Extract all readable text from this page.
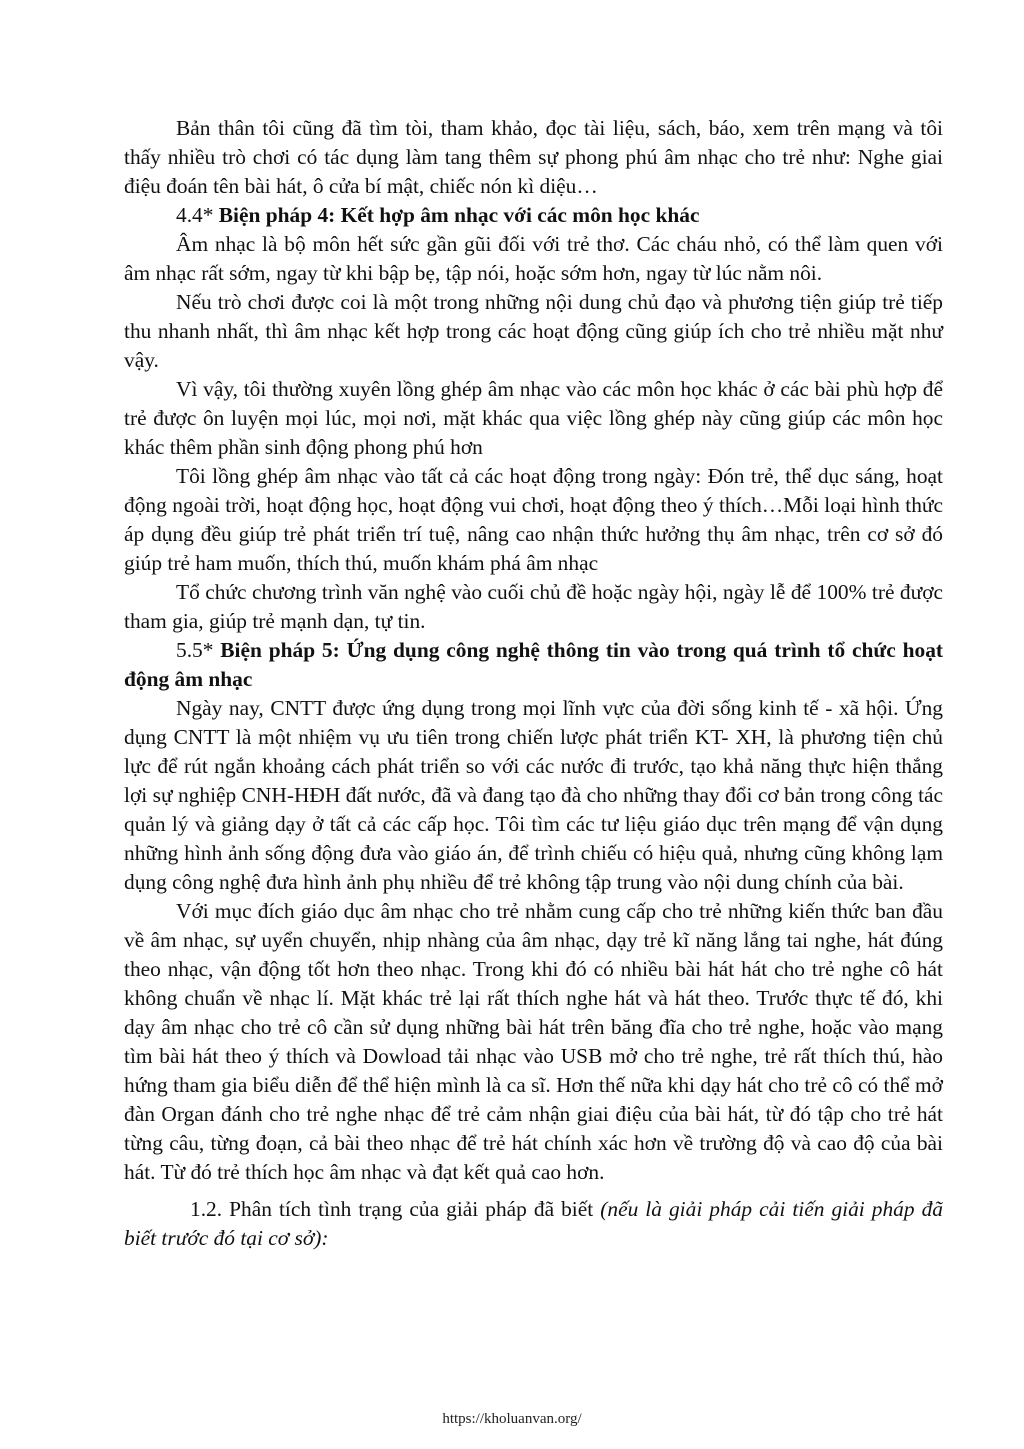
Bản thân tôi cũng đã tìm tòi, tham khảo, đọc tài liệu, sách, báo, xem trên mạng và tôi thấy nhiều trò chơi có tác dụng làm tang thêm sự phong phú âm nhạc cho trẻ như: Nghe giai điệu đoán tên bài hát, ô cửa bí mật, chiếc nón kì diệu…

4.4* Biện pháp 4: Kết hợp âm nhạc với các môn học khác

Âm nhạc là bộ môn hết sức gần gũi đối với trẻ thơ. Các cháu nhỏ, có thể làm quen với âm nhạc rất sớm, ngay từ khi bập bẹ, tập nói, hoặc sớm hơn, ngay từ lúc nằm nôi.

Nếu trò chơi được coi là một trong những nội dung chủ đạo và phương tiện giúp trẻ tiếp thu nhanh nhất, thì âm nhạc kết hợp trong các hoạt động cũng giúp ích cho trẻ nhiều mặt như vậy.

Vì vậy, tôi thường xuyên lồng ghép âm nhạc vào các môn học khác ở các bài phù hợp để trẻ được ôn luyện mọi lúc, mọi nơi, mặt khác qua việc lồng ghép này cũng giúp các môn học khác thêm phần sinh động phong phú hơn

Tôi lồng ghép âm nhạc vào tất cả các hoạt động trong ngày: Đón trẻ, thể dục sáng, hoạt động ngoài trời, hoạt động học, hoạt động vui chơi, hoạt động theo ý thích…Mỗi loại hình thức áp dụng đều giúp trẻ phát triển trí tuệ, nâng cao nhận thức hưởng thụ âm nhạc, trên cơ sở đó giúp trẻ ham muốn, thích thú, muốn khám phá âm nhạc

Tổ chức chương trình văn nghệ vào cuối chủ đề hoặc ngày hội, ngày lễ để 100% trẻ được tham gia, giúp trẻ mạnh dạn, tự tin.

5.5* Biện pháp 5: Ứng dụng công nghệ thông tin vào trong quá trình tổ chức hoạt động âm nhạc

Ngày nay, CNTT được ứng dụng trong mọi lĩnh vực của đời sống kinh tế - xã hội. Ứng dụng CNTT là một nhiệm vụ ưu tiên trong chiến lược phát triển KT- XH, là phương tiện chủ lực để rút ngắn khoảng cách phát triển so với các nước đi trước, tạo khả năng thực hiện thắng lợi sự nghiệp CNH-HĐH đất nước, đã và đang tạo đà cho những thay đổi cơ bản trong công tác quản lý và giảng dạy ở tất cả các cấp học. Tôi tìm các tư liệu giáo dục trên mạng để vận dụng những hình ảnh sống động đưa vào giáo án, để trình chiếu có hiệu quả, nhưng cũng không lạm dụng công nghệ đưa hình ảnh phụ nhiều để trẻ không tập trung vào nội dung chính của bài.

Với mục đích giáo dục âm nhạc cho trẻ nhằm cung cấp cho trẻ những kiến thức ban đầu về âm nhạc, sự uyển chuyển, nhịp nhàng của âm nhạc, dạy trẻ kĩ năng lắng tai nghe, hát đúng theo nhạc, vận động tốt hơn theo nhạc. Trong khi đó có nhiều bài hát hát cho trẻ nghe cô hát không chuẩn về nhạc lí. Mặt khác trẻ lại rất thích nghe hát và hát theo. Trước thực tế đó, khi dạy âm nhạc cho trẻ cô cần sử dụng những bài hát trên băng đĩa cho trẻ nghe, hoặc vào mạng tìm bài hát theo ý thích và Dowload tải nhạc vào USB mở cho trẻ nghe, trẻ rất thích thú, hào hứng tham gia biểu diễn để thể hiện mình là ca sĩ. Hơn thế nữa khi dạy hát cho trẻ cô có thể mở đàn Organ đánh cho trẻ nghe nhạc để trẻ cảm nhận giai điệu của bài hát, từ đó tập cho trẻ hát từng câu, từng đoạn, cả bài theo nhạc để trẻ hát chính xác hơn về trường độ và cao độ của bài hát. Từ đó trẻ thích học âm nhạc và đạt kết quả cao hơn.

1.2. Phân tích tình trạng của giải pháp đã biết (nếu là giải pháp cải tiến giải pháp đã biết trước đó tại cơ sở):

https://kholuanvan.org/
